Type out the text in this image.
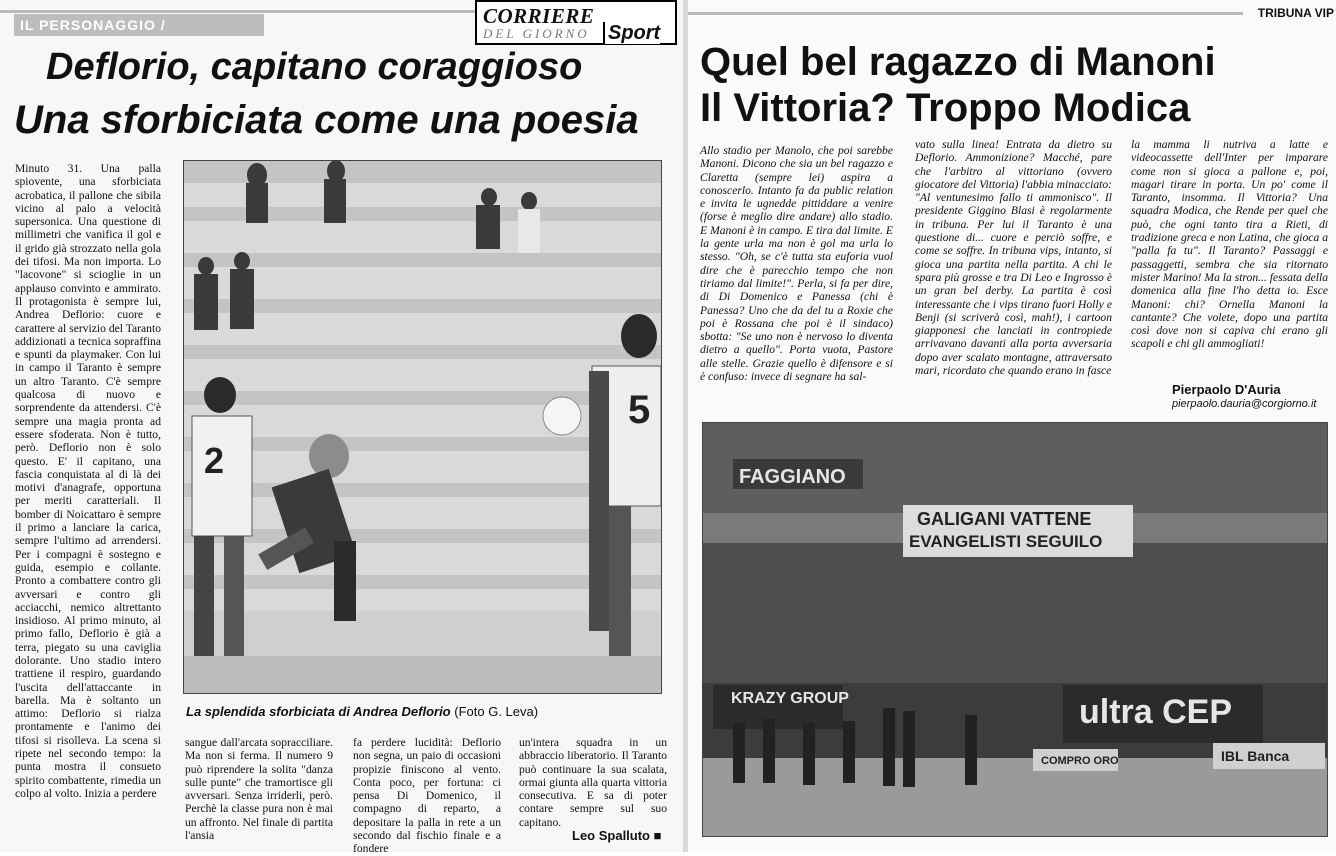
IL PERSONAGGIO /	CORRIERE
DEL GIORNO Sport
Deflorio, capitano coraggioso
Una sforbiciata come una poesia
Minuto 31. Una palla spiovente, una sforbiciata acrobatica, il pallone che sibila vicino al palo a velocità supersonica. Una questione di millimetri che vanifica il gol e il grido già strozzato nella gola dei tifosi. Ma non importa. Lo "lacovone" si scioglie in un applauso convinto e ammirato. Il protagonista è sempre lui, Andrea Deflorio: cuore e carattere al servizio del Taranto addizionati a tecnica sopraffina e spunti da playmaker. Con lui in campo il Taranto è sempre un altro Taranto. C'è sempre qualcosa di nuovo e sorprendente da attendersi. C'è sempre una magia pronta ad essere sfoderata. Non è tutto, però. Deflorio non è solo questo. E' il capitano, una fascia conquistata al di là dei motivi d'anagrafe, opportuna per meriti caratteriali. Il bomber di Noicattaro è sempre il primo a lanciare la carica, sempre l'ultimo ad arrendersi. Per i compagni è sostegno e guida, esempio e collante. Pronto a combattere contro gli avversari e contro gli acciacchi, nemico altrettanto insidioso. Al primo minuto, al primo fallo, Deflorio è già a terra, piegato su una caviglia dolorante. Uno stadio intero trattiene il respiro, guardando l'uscita dell'attaccante in barella. Ma è soltanto un attimo: Deflorio si rialza prontamente e l'animo dei tifosi si risolleva. La scena si ripete nel secondo tempo: la punta mostra il consueto spirito combattente, rimedia un colpo al volto. Inizia a perdere
2
5
La splendida sforbiciata di Andrea Deflorio (Foto G. Leva)
sangue dall'arcata sopracciliare. Ma non si ferma. Il numero 9 può riprendere la solita "danza sulle punte" che tramortisce gli avversari. Senza irriderli, però. Perchè la classe pura non è mai un affronto. Nel finale di partita l'ansia
fa perdere lucidità: Deflorio non segna, un paio di occasioni propizie finiscono al vento. Conta poco, per fortuna: ci pensa Di Domenico, il compagno di reparto, a depositare la palla in rete a un secondo dal fischio finale e a fondere
un'intera squadra in un abbraccio liberatorio. Il Taranto può continuare la sua scalata, ormai giunta alla quarta vittoria consecutiva. E sa di poter contare sempre sul suo capitano.
Leo Spalluto ■
TRIBUNA VIP
Quel bel ragazzo di Manoni
Il Vittoria? Troppo Modica
Allo stadio per Manolo, che poi sarebbe Manoni. Dicono che sia un bel ragazzo e Claretta (sempre lei) aspira a conoscerlo. Intanto fa da public relation e invita le ugnedde pittiddare a venire (forse è meglio dire andare) allo stadio. E Manoni è in campo. E tira dal limite. E la gente urla ma non è gol ma urla lo stesso. "Oh, se c'è tutta sta euforia vuol dire che è parecchio tempo che non tiriamo dal limite!". Perla, si fa per dire, di Di Domenico e Panessa (chi è Panessa? Uno che da del tu a Roxie che poi è Rossana che poi è il sindaco) sbotta: "Se uno non è nervoso lo diventa dietro a quello". Porta vuota, Pastore alle stelle. Grazie quello è difensore e si è confuso: invece di segnare ha sal-
vato sulla linea! Entrata da dietro su Deflorio. Ammonizione? Macché, pare che l'arbitro al vittoriano (ovvero giocatore del Vittoria) l'abbia minacciato: "Al ventunesimo fallo ti ammonisco". Il presidente Giggino Blasi è regolarmente in tribuna. Per lui il Taranto è una questione di... cuore e perciò soffre, e come se soffre. In tribuna vips, intanto, si gioca una partita nella partita. A chi le spara più grosse e tra Di Leo e Ingrosso è un gran bel derby. La partita è così interessante che i vips tirano fuori Holly e Benji (si scriverà così, mah!), i cartoon giapponesi che lanciati in contropiede arrivavano davanti alla porta avversaria dopo aver scalato montagne, attraversato mari, ricordato che quando erano in fasce
la mamma li nutriva a latte e videocassette dell'Inter per imparare come non si gioca a pallone e, poi, magari tirare in porta. Un po' come il Taranto, insomma. Il Vittoria? Una squadra Modica, che Rende per quel che può, che ogni tanto tira a Rieti, di tradizione greca e non Latina, che gioca a "palla fa tu". Il Taranto? Passaggi e passaggetti, sembra che sia ritornato mister Marino! Ma la stron... fessata della domenica alla fine l'ho detta io. Esce Manoni: chi? Ornella Manoni la cantante? Che volete, dopo una partita così dove non si capiva chi erano gli scapoli e chi gli ammogliati!
Pierpaolo D'Auria
pierpaolo.dauria@corgiorno.it
FAGGIANO
GALIGANI VATTENE
EVANGELISTI SEGUILO
KRAZY GROUP	ultra CEP
COMPRO ORO	IBL Banca
